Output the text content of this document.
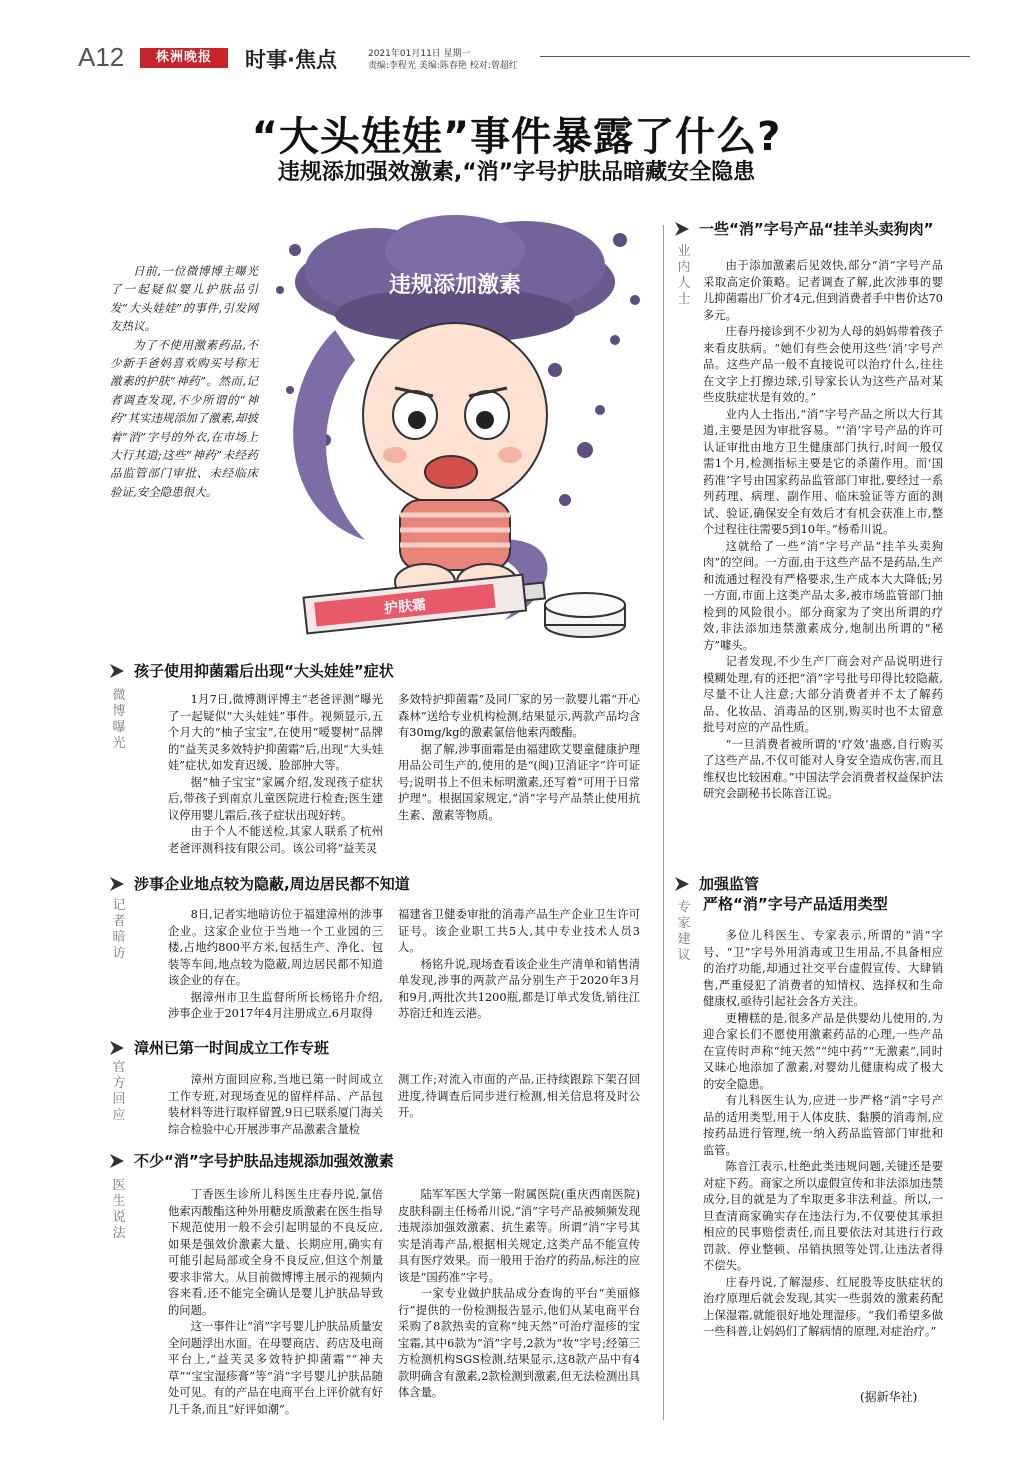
A12	株洲晚报	时事·焦点	2021年01月11日 星期一
责编:李程光 美编:陈春艳 校对:曾超红
“大头娃娃”事件暴露了什么?
违规添加强效激素,“消”字号护肤品暗藏安全隐患

日前,一位微博博主曝光了一起疑似婴儿护肤品引发“大头娃娃”的事件,引发网友热议。

为了不使用激素药品,不少新手爸妈喜欢购买号称无激素的护肤“神药”。然而,记者调查发现,不少所谓的“神药”其实违规添加了激素,却披着“消”字号的外衣,在市场上大行其道;这些“神药”未经药品监管部门审批、未经临床验证,安全隐患很大。

违规添加激素
护肤霜
孩子使用抑菌霜后出现“大头娃娃”症状
微博曝光

1月7日,微博测评博主“老爸评测”曝光了一起疑似“大头娃娃”事件。视频显示,五个月大的“柚子宝宝”,在使用“嗳婴树”品牌的“益芙灵多效特护抑菌霜”后,出现“大头娃娃”症状,如发育迟缓、脸部肿大等。

据“柚子宝宝”家属介绍,发现孩子症状后,带孩子到南京儿童医院进行检查;医生建议停用婴儿霜后,孩子症状出现好转。

由于个人不能送检,其家人联系了杭州老爸评测科技有限公司。该公司将“益芙灵

多效特护抑菌霜”及同厂家的另一款婴儿霜“开心森林”送给专业机构检测,结果显示,两款产品均含有30mg/kg的激素氯倍他索丙酸酯。

据了解,涉事面霜是由福建欧艾婴童健康护理用品公司生产的,使用的是“(闽)卫消证字”许可证号;说明书上不但未标明激素,还写着“可用于日常护理”。根据国家规定,“消”字号产品禁止使用抗生素、激素等物质。

涉事企业地点较为隐蔽,周边居民都不知道
记者暗访

8日,记者实地暗访位于福建漳州的涉事企业。这家企业位于当地一个工业园的三楼,占地约800平方米,包括生产、净化、包装等车间,地点较为隐蔽,周边居民都不知道该企业的存在。

据漳州市卫生监督所所长杨铭升介绍,涉事企业于2017年4月注册成立,6月取得

福建省卫健委审批的消毒产品生产企业卫生许可证号。该企业职工共5人,其中专业技术人员3人。

杨铭升说,现场查看该企业生产清单和销售清单发现,涉事的两款产品分别生产于2020年3月和9月,两批次共1200瓶,都是订单式发货,销往江苏宿迁和连云港。

漳州已第一时间成立工作专班
官方回应

漳州方面回应称,当地已第一时间成立工作专班,对现场查见的留样样品、产品包装材料等进行取样留置,9日已联系厦门海关综合检验中心开展涉事产品激素含量检

测工作;对流入市面的产品,正持续跟踪下架召回进度,待调查后同步进行检测,相关信息将及时公开。

不少“消”字号护肤品违规添加强效激素
医生说法

丁香医生诊所儿科医生庄春丹说,氯倍他索丙酸酯这种外用糖皮质激素在医生指导下规范使用一般不会引起明显的不良反应,如果是强效价激素大量、长期应用,确实有可能引起局部或全身不良反应,但这个剂量要求非常大。从目前微博博主展示的视频内容来看,还不能完全确认是婴儿护肤品导致的问题。

这一事件让“消”字号婴儿护肤品质量安全问题浮出水面。在母婴商店、药店及电商平台上,“益芙灵多效特护抑菌霜”“神夫草”“宝宝湿疹膏”等“消”字号婴儿护肤品随处可见。有的产品在电商平台上评价就有好几千条,而且“好评如潮”。

陆军军医大学第一附属医院(重庆西南医院)皮肤科副主任杨希川说,“消”字号产品被频频发现违规添加强效激素、抗生素等。所谓“消”字号其实是消毒产品,根据相关规定,这类产品不能宣传具有医疗效果。而一般用于治疗的药品,标注的应该是“国药准”字号。

一家专业做护肤品成分查询的平台“美丽修行”提供的一份检测报告显示,他们从某电商平台采购了8款热卖的宣称“纯天然”可治疗湿疹的宝宝霜,其中6款为“消”字号,2款为“妆”字号;经第三方检测机构SGS检测,结果显示,这8款产品中有4款明确含有激素,2款检测到激素,但无法检测出具体含量。

一些“消”字号产品“挂羊头卖狗肉”
业内人士

由于添加激素后见效快,部分“消”字号产品采取高定价策略。记者调查了解,此次涉事的婴儿抑菌霜出厂价才4元,但到消费者手中售价达70多元。

庄春丹接诊到不少初为人母的妈妈带着孩子来看皮肤病。“她们有些会使用这些‘消’字号产品。这些产品一般不直接说可以治疗什么,往往在文字上打擦边球,引导家长认为这些产品对某些皮肤症状是有效的。”

业内人士指出,“消”字号产品之所以大行其道,主要是因为审批容易。“‘消’字号产品的许可认证审批由地方卫生健康部门执行,时间一般仅需1个月,检测指标主要是它的杀菌作用。而‘国药准’字号由国家药品监管部门审批,要经过一系列药理、病理、副作用、临床验证等方面的测试、验证,确保安全有效后才有机会获准上市,整个过程往往需要5到10年。”杨希川说。

这就给了一些“消”字号产品“挂羊头卖狗肉”的空间。一方面,由于这些产品不是药品,生产和流通过程没有严格要求,生产成本大大降低;另一方面,市面上这类产品太多,被市场监管部门抽检到的风险很小。部分商家为了突出所谓的疗效,非法添加违禁激素成分,炮制出所谓的“秘方”噱头。

记者发现,不少生产厂商会对产品说明进行模糊处理,有的还把“消”字号批号印得比较隐蔽,尽量不让人注意;大部分消费者并不太了解药品、化妆品、消毒品的区别,购买时也不太留意批号对应的产品性质。

“一旦消费者被所谓的‘疗效’蛊惑,自行购买了这些产品,不仅可能对人身安全造成伤害,而且维权也比较困难。”中国法学会消费者权益保护法研究会副秘书长陈音江说。

加强监管
严格“消”字号产品适用类型
专家建议

多位儿科医生、专家表示,所谓的“消”字号、“卫”字号外用消毒或卫生用品,不具备相应的治疗功能,却通过社交平台虚假宣传、大肆销售,严重侵犯了消费者的知情权、选择权和生命健康权,亟待引起社会各方关注。

更糟糕的是,很多产品是供婴幼儿使用的,为迎合家长们不愿使用激素药品的心理,一些产品在宣传时声称“纯天然”“纯中药”“无激素”,同时又昧心地添加了激素,对婴幼儿健康构成了极大的安全隐患。

有儿科医生认为,应进一步严格“消”字号产品的适用类型,用于人体皮肤、黏膜的消毒剂,应按药品进行管理,统一纳入药品监管部门审批和监管。

陈音江表示,杜绝此类违规问题,关键还是要对症下药。商家之所以虚假宣传和非法添加违禁成分,目的就是为了牟取更多非法利益。所以,一旦查清商家确实存在违法行为,不仅要使其承担相应的民事赔偿责任,而且要依法对其进行行政罚款、停业整顿、吊销执照等处罚,让违法者得不偿失。

庄春丹说,了解湿疹、红屁股等皮肤症状的治疗原理后就会发现,其实一些弱效的激素药配上保湿霜,就能很好地处理湿疹。“我们希望多做一些科普,让妈妈们了解病情的原理,对症治疗。”

(据新华社)
